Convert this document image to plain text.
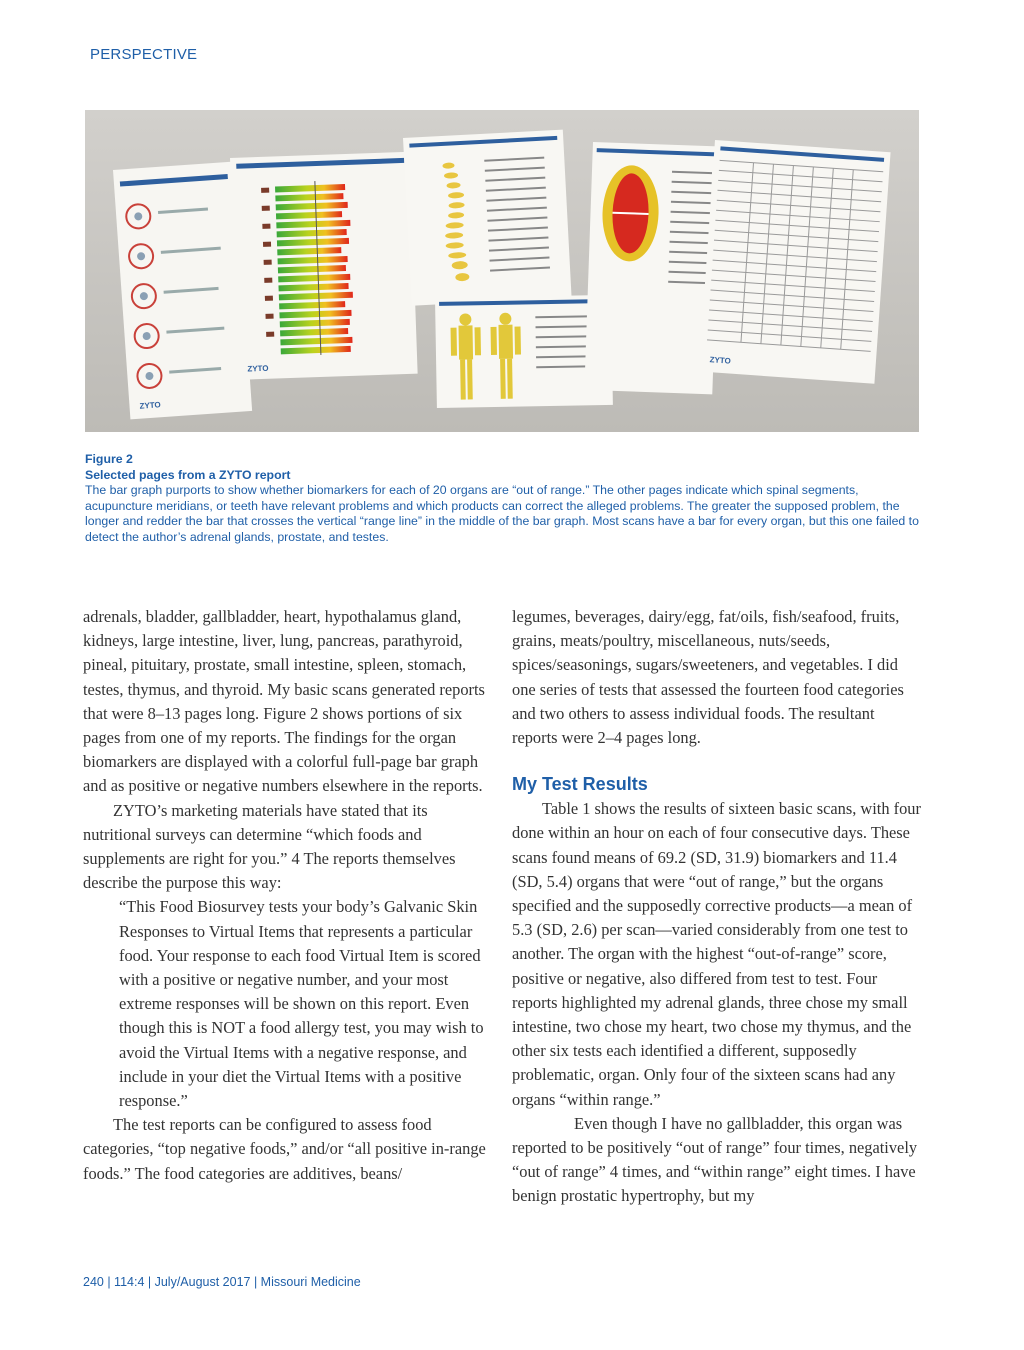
PERSPECTIVE
ZYTO
ZYTO
ZYTO
Figure 2
Selected pages from a ZYTO report
The bar graph purports to show whether biomarkers for each of 20 organs are “out of range.” The other pages indicate which spinal segments, acupuncture meridians, or teeth have relevant problems and which products can correct the alleged problems. The greater the supposed problem, the longer and redder the bar that crosses the vertical “range line” in the middle of the bar graph. Most scans have a bar for every organ, but this one failed to detect the author’s adrenal glands, prostate, and testes.

adrenals, bladder, gallbladder, heart, hypothalamus gland, kidneys, large intestine, liver, lung, pancreas, parathyroid, pineal, pituitary, prostate, small intestine, spleen, stomach, testes, thymus, and thyroid. My basic scans generated reports that were 8–13 pages long. Figure 2 shows portions of six pages from one of my reports. The findings for the organ biomarkers are displayed with a colorful full-page bar graph and as positive or negative numbers elsewhere in the reports.

ZYTO’s marketing materials have stated that its nutritional surveys can determine “which foods and supplements are right for you.” 4 The reports themselves describe the purpose this way:

“This Food Biosurvey tests your body’s Galvanic Skin Responses to Virtual Items that represents a particular food. Your response to each food Virtual Item is scored with a positive or negative number, and your most extreme responses will be shown on this report. Even though this is NOT a food allergy test, you may wish to avoid the Virtual Items with a negative response, and include in your diet the Virtual Items with a positive response.”

The test reports can be configured to assess food categories, “top negative foods,” and/or “all positive in-range foods.” The food categories are additives, beans/

legumes, beverages, dairy/egg, fat/oils, fish/seafood, fruits, grains, meats/poultry, miscellaneous, nuts/seeds, spices/seasonings, sugars/sweeteners, and vegetables. I did one series of tests that assessed the fourteen food categories and two others to assess individual foods. The resultant reports were 2–4 pages long.

My Test Results

Table 1 shows the results of sixteen basic scans, with four done within an hour on each of four consecutive days. These scans found means of 69.2 (SD, 31.9) biomarkers and 11.4 (SD, 5.4) organs that were “out of range,” but the organs specified and the supposedly corrective products—a mean of 5.3 (SD, 2.6) per scan—varied considerably from one test to another. The organ with the highest “out-of-range” score, positive or negative, also differed from test to test. Four reports highlighted my adrenal glands, three chose my small intestine, two chose my heart, two chose my thymus, and the other six tests each identified a different, supposedly problematic, organ. Only four of the sixteen scans had any organs “within range.”

Even though I have no gallbladder, this organ was reported to be positively “out of range” four times, negatively “out of range” 4 times, and “within range” eight times. I have benign prostatic hypertrophy, but my

240 | 114:4 | July/August 2017 | Missouri Medicine
